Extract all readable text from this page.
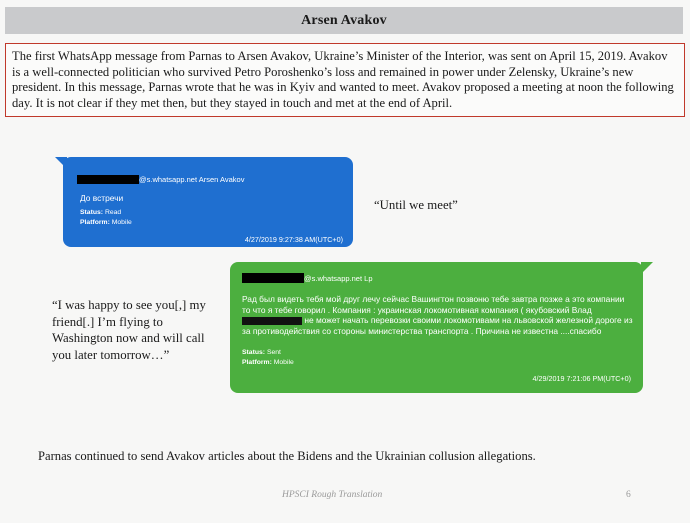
Arsen Avakov
The first WhatsApp message from Parnas to Arsen Avakov, Ukraine’s Minister of the Interior, was sent on April 15, 2019. Avakov is a well-connected politician who survived Petro Poroshenko’s loss and remained in power under Zelensky, Ukraine’s new president. In this message, Parnas wrote that he was in Kyiv and wanted to meet. Avakov proposed a meeting at noon the following day. It is not clear if they met then, but they stayed in touch and met at the end of April.
@s.whatsapp.net Arsen Avakov
До встречи
Status: Read
Platform: Mobile
4/27/2019 9:27:38 AM(UTC+0)
“Until we meet”
@s.whatsapp.net Lp
Рад был видеть тебя мой друг лечу сейчас Вашингтон позвоню тебе завтра позже а это компании то что я тебе говорил . Компания : украинская локомотивная компания ( якубовский Влад  не может начать перевозки своими локомотивами на львовской железной дороге из за противодействия со стороны министерства транспорта . Причина не известна ....спасибо
Status: Sent
Platform: Mobile
4/29/2019 7:21:06 PM(UTC+0)
“I was happy to see you[,] my friend[.] I’m flying to Washington now and will call you later tomorrow…”
Parnas continued to send Avakov articles about the Bidens and the Ukrainian collusion allegations.
HPSCI Rough Translation	6
